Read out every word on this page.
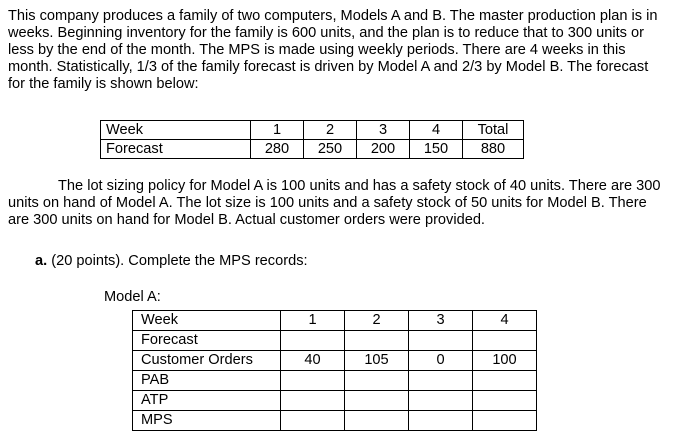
This company produces a family of two computers, Models A and B. The master production plan is in weeks. Beginning inventory for the family is 600 units, and the plan is to reduce that to 300 units or less by the end of the month. The MPS is made using weekly periods. There are 4 weeks in this month. Statistically, 1/3 of the family forecast is driven by Model A and 2/3 by Model B. The forecast for the family is shown below:

Week	1	2	3	4	Total
Forecast	280	250	200	150	880

The lot sizing policy for Model A is 100 units and has a safety stock of 40 units. There are 300 units on hand of Model A. The lot size is 100 units and a safety stock of 50 units for Model B. There are 300 units on hand for Model B. Actual customer orders were provided.

a. (20 points). Complete the MPS records:
Model A:
Week	1	2	3	4
Forecast				
Customer Orders	40	105	0	100
PAB				
ATP				
MPS				
